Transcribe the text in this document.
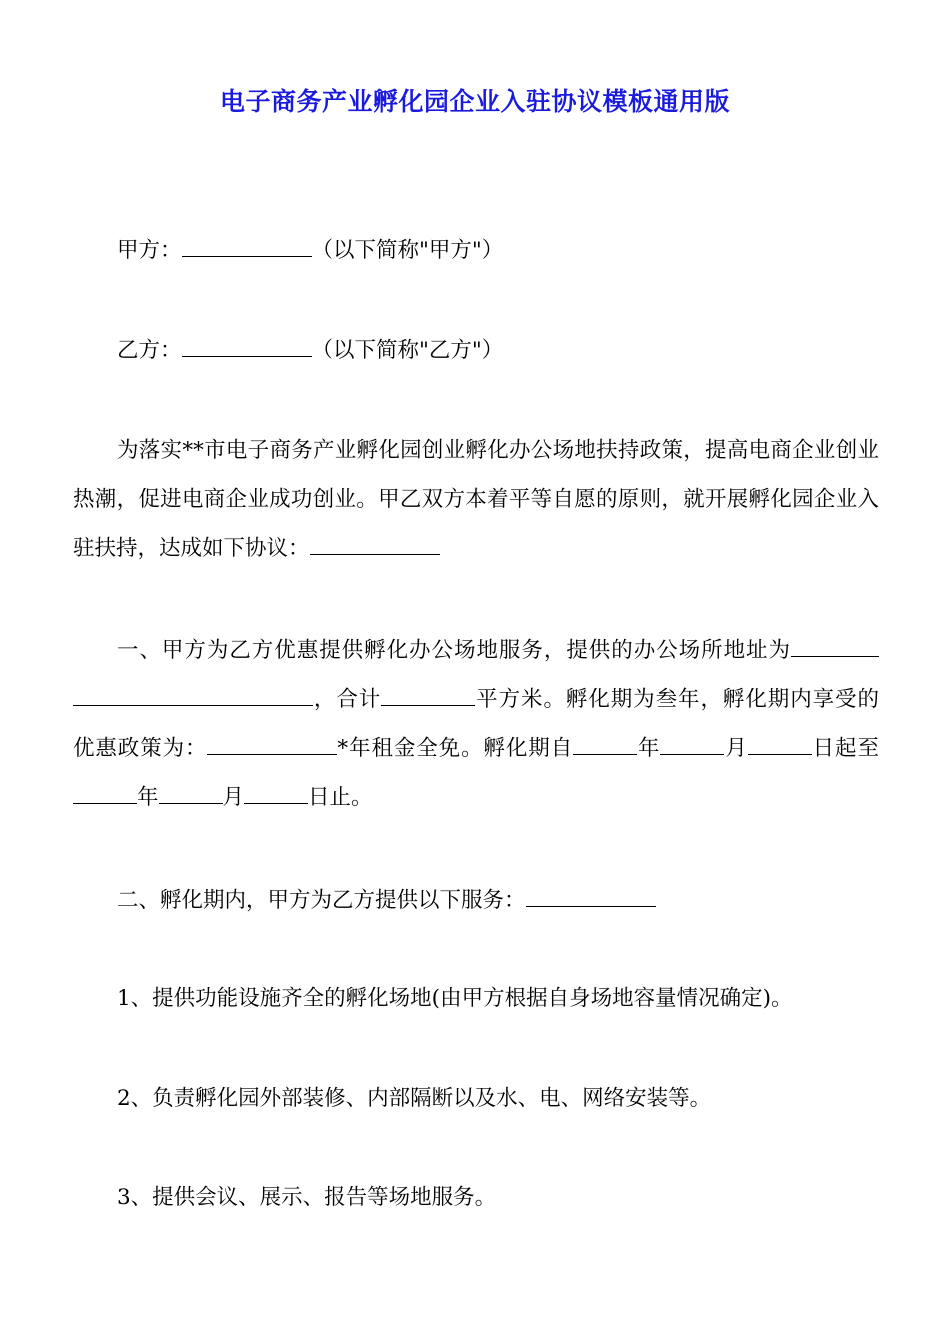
电子商务产业孵化园企业入驻协议模板通用版

甲方：	（以下简称"甲方"）

乙方：	（以下简称"乙方"）

为落实**市电子商务产业孵化园创业孵化办公场地扶持政策，提高电商企业创业热潮，促进电商企业成功创业。甲乙双方本着平等自愿的原则，就开展孵化园企业入驻扶持，达成如下协议：

一、甲方为乙方优惠提供孵化办公场地服务，提供的办公场所地址为，合计	平方米。孵化期为叁年，孵化期内享受的优惠政策为：	*年租金全免。孵化期自	年	月	日起至年	月	日止。

二、孵化期内，甲方为乙方提供以下服务：

1、提供功能设施齐全的孵化场地(由甲方根据自身场地容量情况确定)。

2、负责孵化园外部装修、内部隔断以及水、电、网络安装等。

3、提供会议、展示、报告等场地服务。
